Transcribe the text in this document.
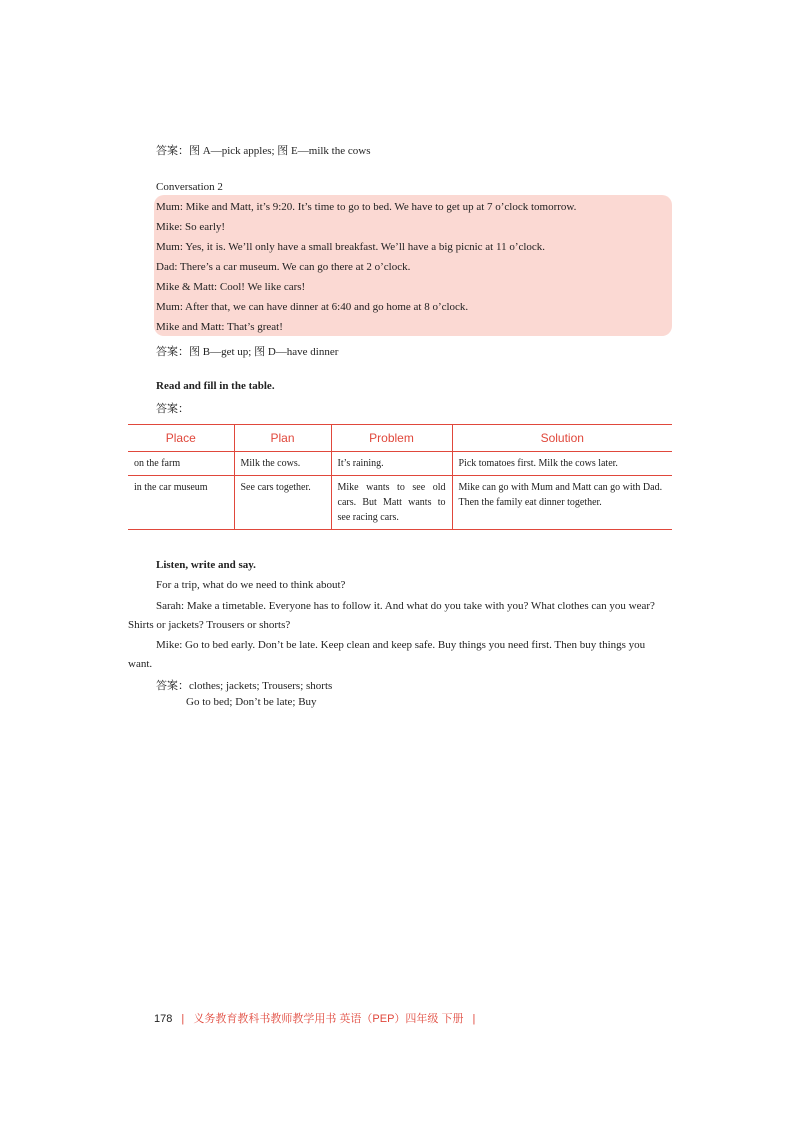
答案：图 A—pick apples; 图 E—milk the cows
Conversation 2
Mum: Mike and Matt, it’s 9:20. It’s time to go to bed. We have to get up at 7 o’clock tomorrow.
Mike: So early!
Mum: Yes, it is. We’ll only have a small breakfast. We’ll have a big picnic at 11 o’clock.
Dad: There’s a car museum. We can go there at 2 o’clock.
Mike & Matt: Cool! We like cars!
Mum: After that, we can have dinner at 6:40 and go home at 8 o’clock.
Mike and Matt: That’s great!
答案：图 B—get up; 图 D—have dinner
Read and fill in the table.
答案：
Place	Plan	Problem	Solution
on the farm	Milk the cows.	It’s raining.	Pick tomatoes first. Milk the cows later.
in the car museum	See cars together.	Mike wants to see old cars. But Matt wants to see racing cars.	Mike can go with Mum and Matt can go with Dad. Then the family eat dinner together.
Listen, write and say.
For a trip, what do we need to think about?
Sarah: Make a timetable. Everyone has to follow it. And what do you take with you? What clothes can you wear? Shirts or jackets? Trousers or shorts?
Mike: Go to bed early. Don’t be late. Keep clean and keep safe. Buy things you need first. Then buy things you want.
答案：clothes; jackets; Trousers; shorts
Go to bed; Don’t be late; Buy
178 | 义务教育教科书教师教学用书 英语（PEP）四年级 下册 |
